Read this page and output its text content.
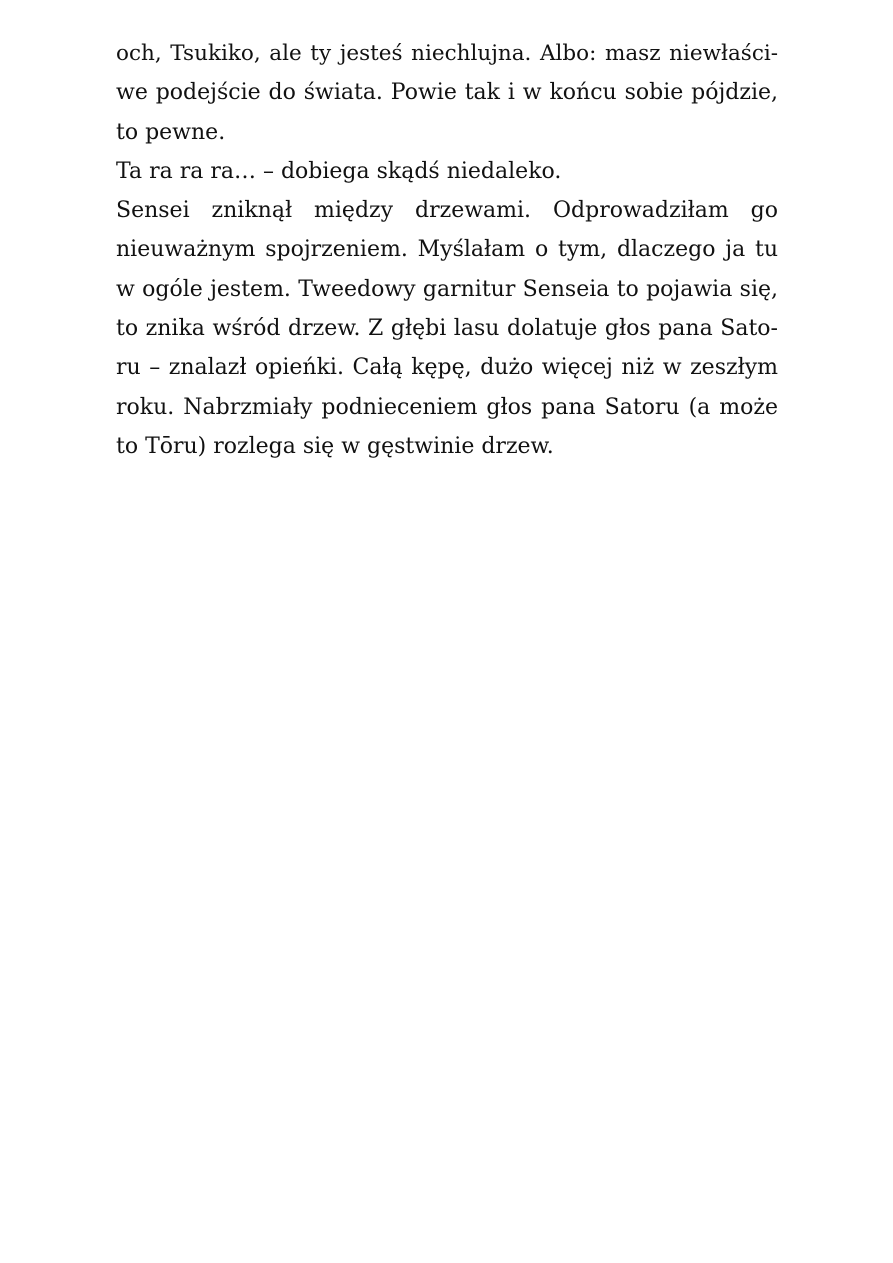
och, Tsukiko, ale ty jesteś niechlujna. Albo: masz niewłaści-
we podejście do świata. Powie tak i w końcu sobie pójdzie,
to pewne.
Ta ra ra ra… – dobiega skądś niedaleko.
Sensei zniknął między drzewami. Odprowadziłam go
nieuważnym spojrzeniem. Myślałam o tym, dlaczego ja tu
w ogóle jestem. Tweedowy garnitur Senseia to pojawia się,
to znika wśród drzew. Z głębi lasu dolatuje głos pana Sato-
ru – znalazł opieńki. Całą kępę, dużo więcej niż w zeszłym
roku. Nabrzmiały podnieceniem głos pana Satoru (a może
to Tōru) rozlega się w gęstwinie drzew.
